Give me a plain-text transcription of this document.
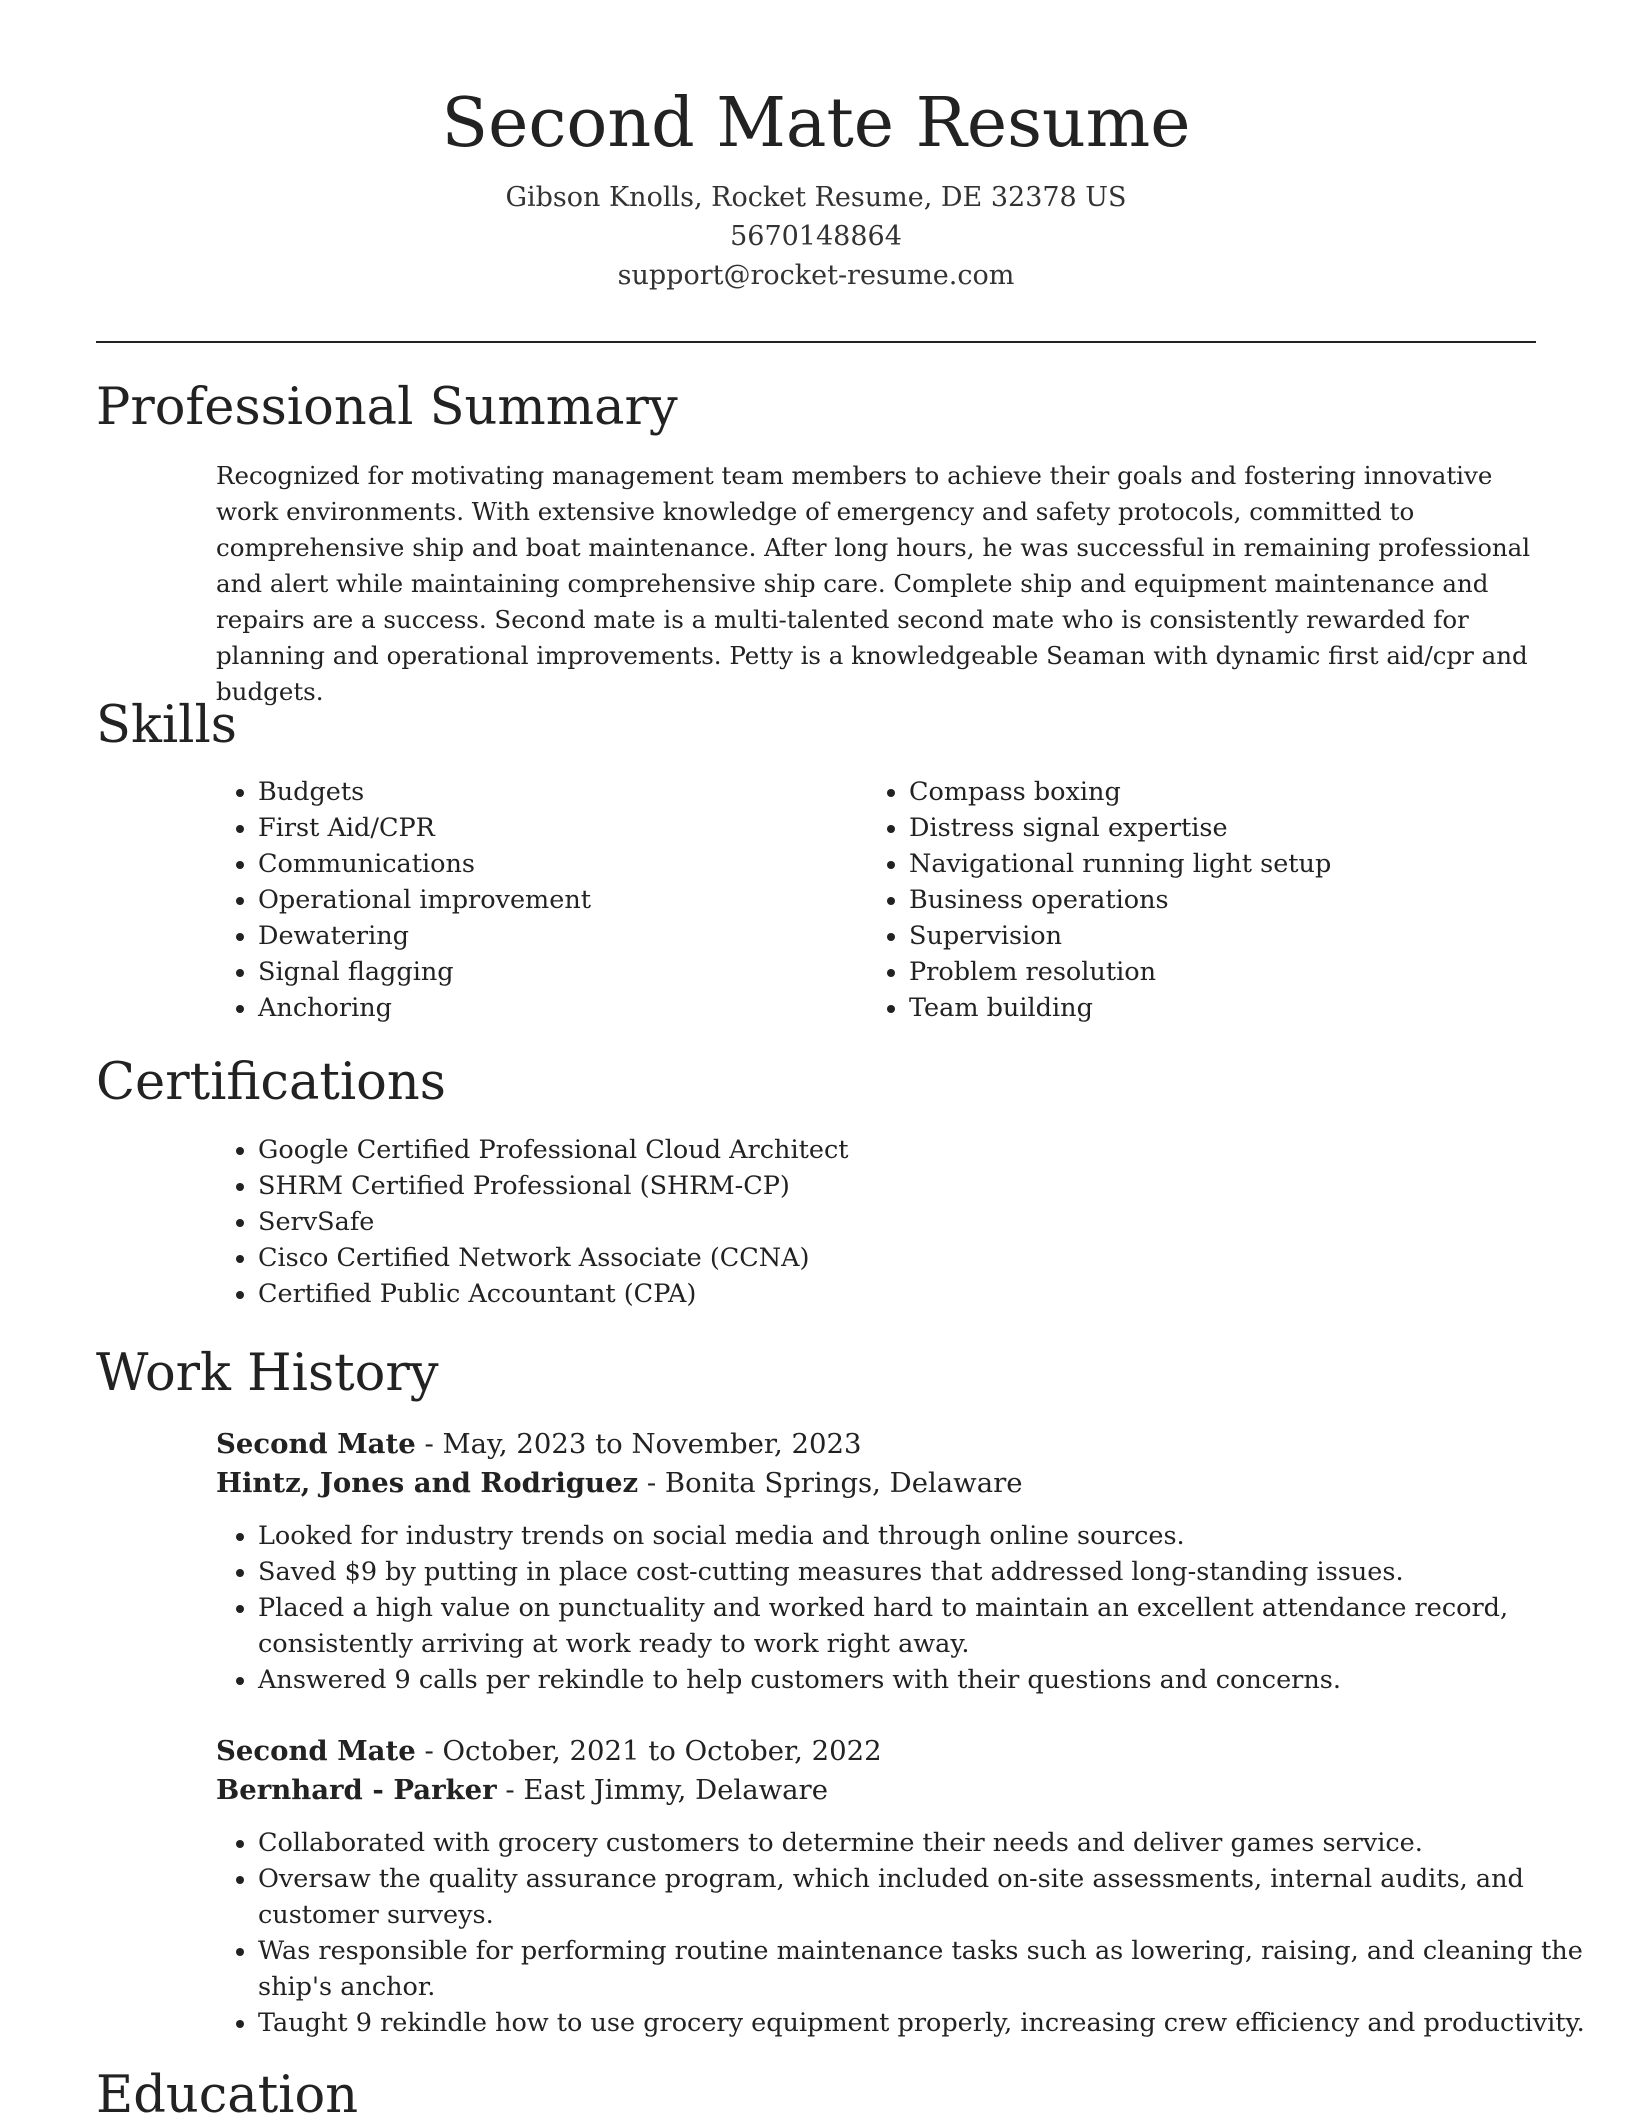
Second Mate Resume
Gibson Knolls, Rocket Resume, DE 32378 US
5670148864
support@rocket-resume.com
Professional Summary

Recognized for motivating management team members to achieve their goals and fostering innovative work environments. With extensive knowledge of emergency and safety protocols, committed to comprehensive ship and boat maintenance. After long hours, he was successful in remaining professional and alert while maintaining comprehensive ship care. Complete ship and equipment maintenance and repairs are a success. Second mate is a multi-talented second mate who is consistently rewarded for planning and operational improvements. Petty is a knowledgeable Seaman with dynamic first aid/cpr and budgets.

Skills
• Budgets
• First Aid/CPR
• Communications
• Operational improvement
• Dewatering
• Signal flagging
• Anchoring
• Compass boxing
• Distress signal expertise
• Navigational running light setup
• Business operations
• Supervision
• Problem resolution
• Team building
Certifications
• Google Certified Professional Cloud Architect
• SHRM Certified Professional (SHRM-CP)
• ServSafe
• Cisco Certified Network Associate (CCNA)
• Certified Public Accountant (CPA)
Work History
Second Mate - May, 2023 to November, 2023
Hintz, Jones and Rodriguez - Bonita Springs, Delaware
• Looked for industry trends on social media and through online sources.
• Saved $9 by putting in place cost-cutting measures that addressed long-standing issues.
• Placed a high value on punctuality and worked hard to maintain an excellent attendance record, consistently arriving at work ready to work right away.
• Answered 9 calls per rekindle to help customers with their questions and concerns.
Second Mate - October, 2021 to October, 2022
Bernhard - Parker - East Jimmy, Delaware
• Collaborated with grocery customers to determine their needs and deliver games service.
• Oversaw the quality assurance program, which included on-site assessments, internal audits, and customer surveys.
• Was responsible for performing routine maintenance tasks such as lowering, raising, and cleaning the ship's anchor.
• Taught 9 rekindle how to use grocery equipment properly, increasing crew efficiency and productivity.
Education
